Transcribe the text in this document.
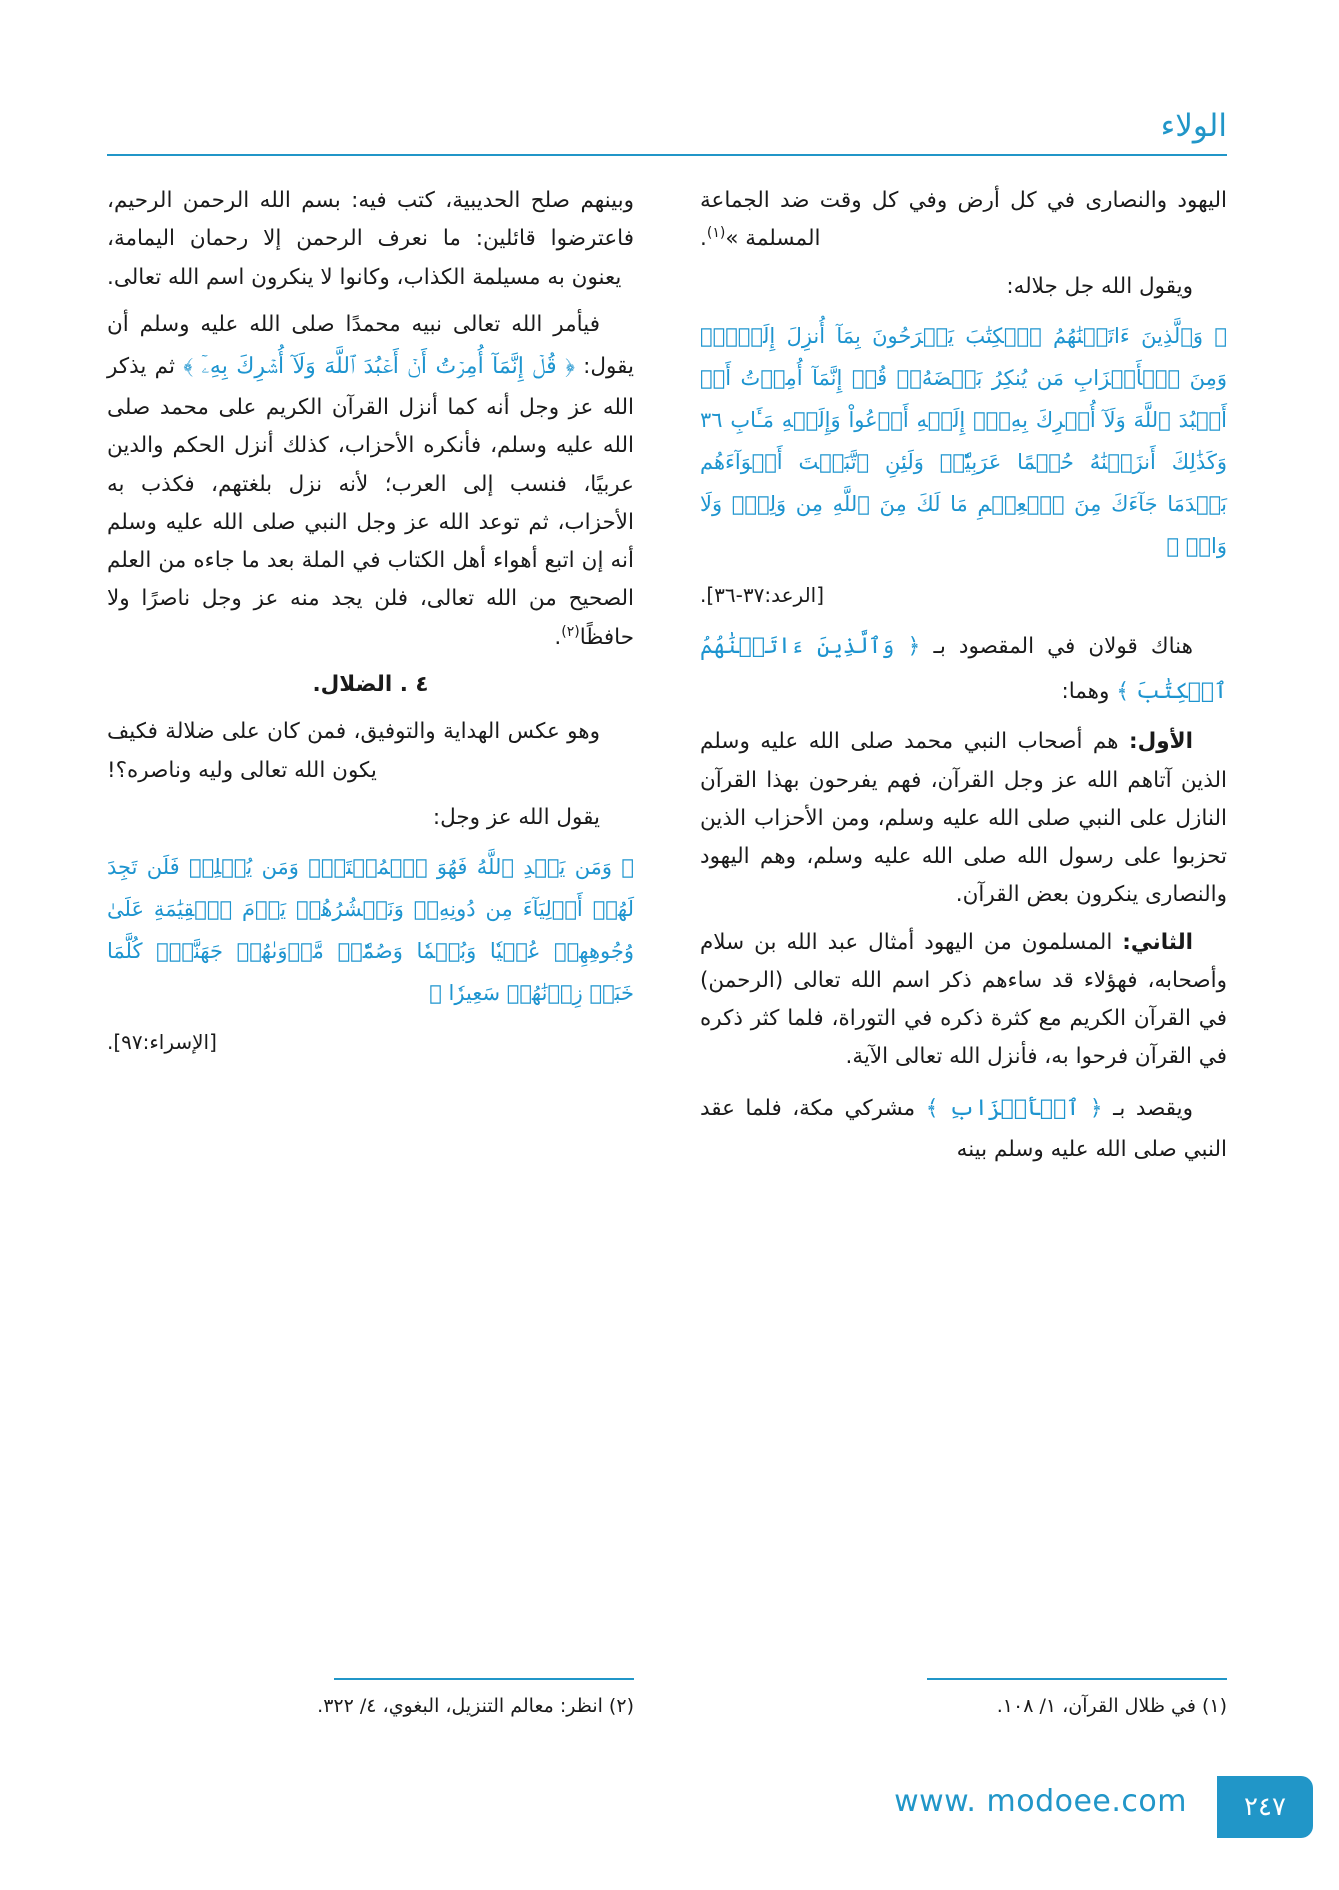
الولاء

اليهود والنصارى في كل أرض وفي كل وقت ضد الجماعة المسلمة »$^{(١)}$.

ويقول الله جل جلاله:

﴿ وَٱلَّذِينَ ءَاتَيۡنَٰهُمُ ٱلۡكِتَٰبَ يَفۡرَحُونَ بِمَآ أُنزِلَ إِلَيۡكَۖ وَمِنَ ٱلۡأَحۡزَابِ مَن يُنكِرُ بَعۡضَهُۥۚ قُلۡ إِنَّمَآ أُمِرۡتُ أَنۡ أَعۡبُدَ ٱللَّهَ وَلَآ أُشۡرِكَ بِهِۦٓۚ إِلَيۡهِ أَدۡعُواْ وَإِلَيۡهِ مَـَٔابِ ٣٦ وَكَذَٰلِكَ أَنزَلۡنَٰهُ حُكۡمًا عَرَبِيّٗاۚ وَلَئِنِ ٱتَّبَعۡتَ أَهۡوَآءَهُم بَعۡدَمَا جَآءَكَ مِنَ ٱلۡعِلۡمِ مَا لَكَ مِنَ ٱللَّهِ مِن وَلِيّٖ وَلَا وَاقٖ ﴾

[الرعد:٣٧-٣٦].

هناك قولان في المقصود بـ ﴿ وَٱلَّذِينَ ءَاتَيۡنَٰهُمُ ٱلۡكِتَٰبَ ﴾ وهما:

الأول: هم أصحاب النبي محمد صلى الله عليه وسلم الذين آتاهم الله عز وجل القرآن، فهم يفرحون بهذا القرآن النازل على النبي صلى الله عليه وسلم، ومن الأحزاب الذين تحزبوا على رسول الله صلى الله عليه وسلم، وهم اليهود والنصارى ينكرون بعض القرآن.

الثاني: المسلمون من اليهود أمثال عبد الله بن سلام وأصحابه، فهؤلاء قد ساءهم ذكر اسم الله تعالى (الرحمن) في القرآن الكريم مع كثرة ذكره في التوراة، فلما كثر ذكره في القرآن فرحوا به، فأنزل الله تعالى الآية.

ويقصد بـ ﴿ ٱلۡأَحۡزَابِ ﴾ مشركي مكة، فلما عقد النبي صلى الله عليه وسلم بينه

وبينهم صلح الحديبية، كتب فيه: بسم الله الرحمن الرحيم، فاعترضوا قائلين: ما نعرف الرحمن إلا رحمان اليمامة، يعنون به مسيلمة الكذاب، وكانوا لا ينكرون اسم الله تعالى.

فيأمر الله تعالى نبيه محمدًا صلى الله عليه وسلم أن يقول: ﴿ قُلۡ إِنَّمَآ أُمِرۡتُ أَنۡ أَعۡبُدَ ٱللَّهَ وَلَآ أُشۡرِكَ بِهِۦٓ ﴾ ثم يذكر الله عز وجل أنه كما أنزل القرآن الكريم على محمد صلى الله عليه وسلم، فأنكره الأحزاب، كذلك أنزل الحكم والدين عربيًا، فنسب إلى العرب؛ لأنه نزل بلغتهم، فكذب به الأحزاب، ثم توعد الله عز وجل النبي صلى الله عليه وسلم أنه إن اتبع أهواء أهل الكتاب في الملة بعد ما جاءه من العلم الصحيح من الله تعالى، فلن يجد منه عز وجل ناصرًا ولا حافظًا$^{(٢)}$.

٤ . الضلال.

وهو عكس الهداية والتوفيق، فمن كان على ضلالة فكيف يكون الله تعالى وليه وناصره؟!

يقول الله عز وجل:

﴿ وَمَن يَهۡدِ ٱللَّهُ فَهُوَ ٱلۡمُهۡتَدِۖ وَمَن يُضۡلِلۡ فَلَن تَجِدَ لَهُمۡ أَوۡلِيَآءَ مِن دُونِهِۦۖ وَنَحۡشُرُهُمۡ يَوۡمَ ٱلۡقِيَٰمَةِ عَلَىٰ وُجُوهِهِمۡ عُمۡيٗا وَبُكۡمٗا وَصُمّٗاۖ مَّأۡوَىٰهُمۡ جَهَنَّمُۖ كُلَّمَا خَبَتۡ زِدۡنَٰهُمۡ سَعِيرٗا ﴾

[الإسراء:٩٧].

(١) في ظلال القرآن، ١/ ١٠٨.
(٢) انظر: معالم التنزيل، البغوي، ٤/ ٣٢٢.
٢٤٧
www. modoee.com
